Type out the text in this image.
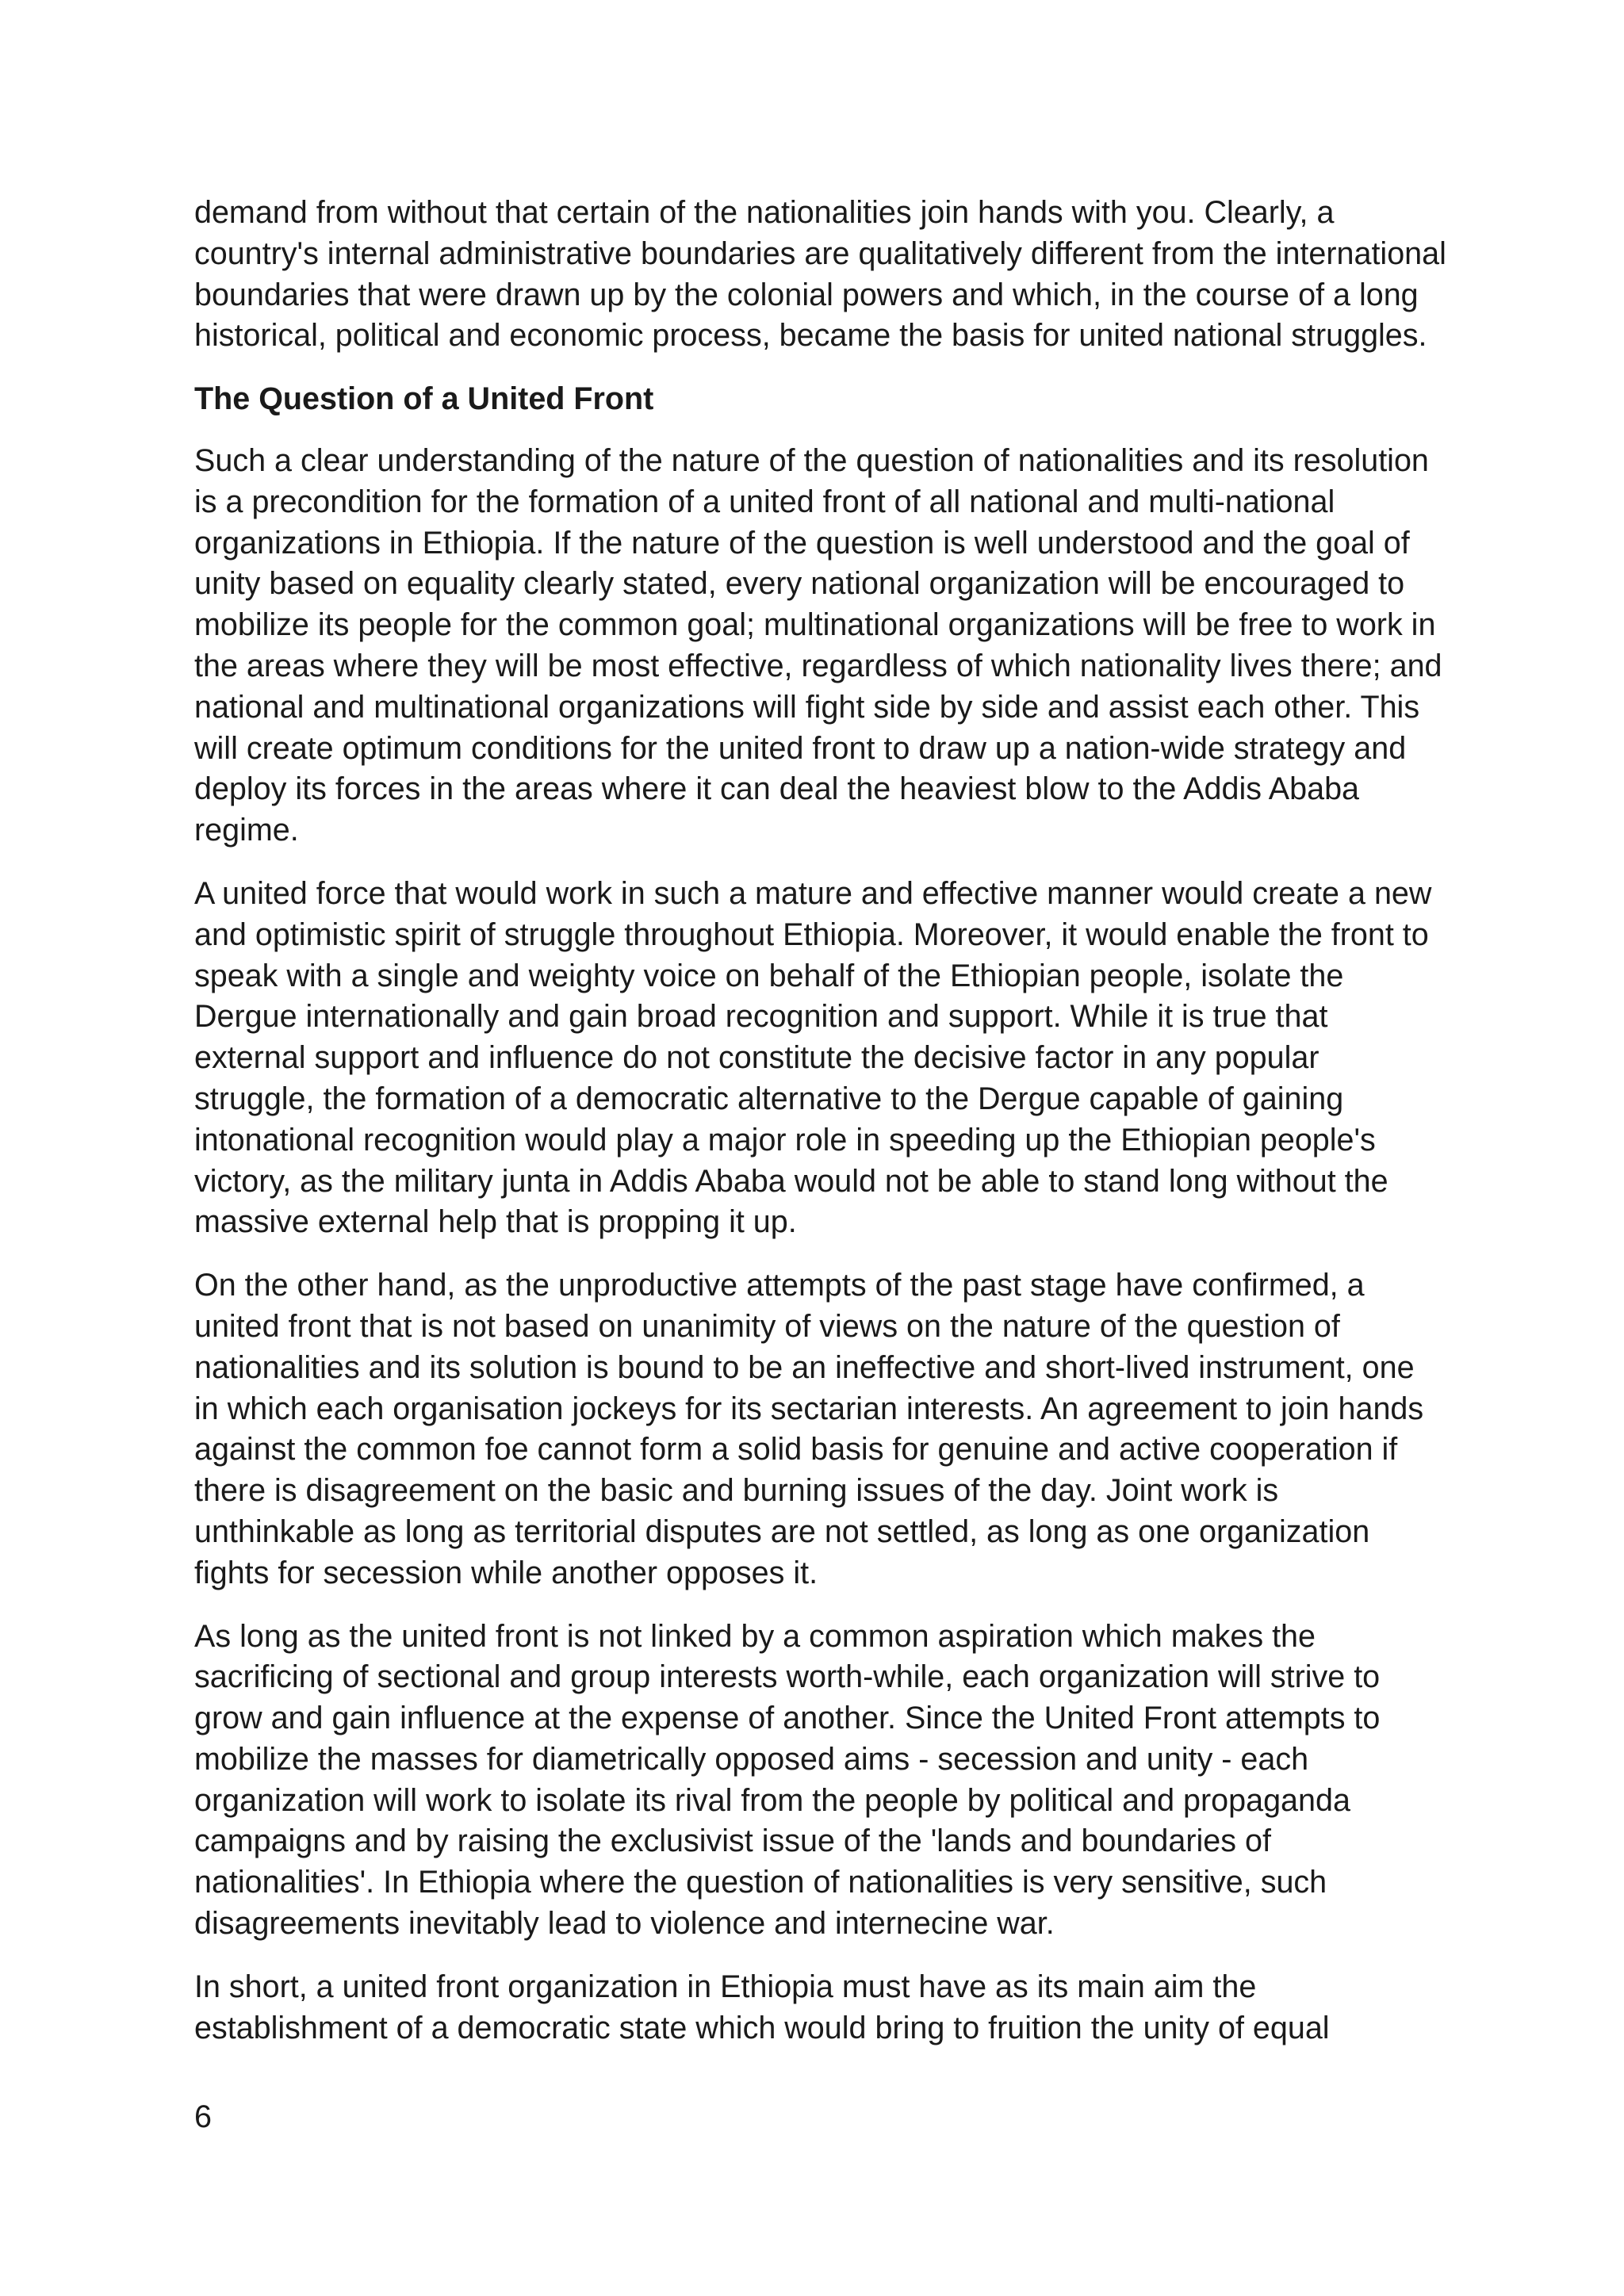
demand from without that certain of the nationalities join hands with you. Clearly, a country's internal administrative boundaries are qualitatively different from the international boundaries that were drawn up by the colonial powers and which, in the course of a long historical, political and economic process, became the basis for united national struggles.

The Question of a United Front

Such a clear understanding of the nature of the question of nationalities and its resolution is a precondition for the formation of a united front of all national and multi-national organizations in Ethiopia. If the nature of the question is well understood and the goal of unity based on equality clearly stated, every national organization will be encouraged to mobilize its people for the common goal; multinational organizations will be free to work in the areas where they will be most effective, regardless of which nationality lives there; and national and multinational organizations will fight side by side and assist each other. This will create optimum conditions for the united front to draw up a nation-wide strategy and deploy its forces in the areas where it can deal the heaviest blow to the Addis Ababa regime.

A united force that would work in such a mature and effective manner would create a new and optimistic spirit of struggle throughout Ethiopia. Moreover, it would enable the front to speak with a single and weighty voice on behalf of the Ethiopian people, isolate the Dergue internationally and gain broad recognition and support. While it is true that external support and influence do not constitute the decisive factor in any popular struggle, the formation of a democratic alternative to the Dergue capable of gaining intonational recognition would play a major role in speeding up the Ethiopian people's victory, as the military junta in Addis Ababa would not be able to stand long without the massive external help that is propping it up.

On the other hand, as the unproductive attempts of the past stage have confirmed, a united front that is not based on unanimity of views on the nature of the question of nationalities and its solution is bound to be an ineffective and short-lived instrument, one in which each organisation jockeys for its sectarian interests. An agreement to join hands against the common foe cannot form a solid basis for genuine and active cooperation if there is disagreement on the basic and burning issues of the day. Joint work is unthinkable as long as territorial disputes are not settled, as long as one organization fights for secession while another opposes it.

As long as the united front is not linked by a common aspiration which makes the sacrificing of sectional and group interests worth-while, each organization will strive to grow and gain influence at the expense of another. Since the United Front attempts to mobilize the masses for diametrically opposed aims - secession and unity - each organization will work to isolate its rival from the people by political and propaganda campaigns and by raising the exclusivist issue of the 'lands and boundaries of nationalities'. In Ethiopia where the question of nationalities is very sensitive, such disagreements inevitably lead to violence and internecine war.

In short, a united front organization in Ethiopia must have as its main aim the establishment of a democratic state which would bring to fruition the unity of equal

6
